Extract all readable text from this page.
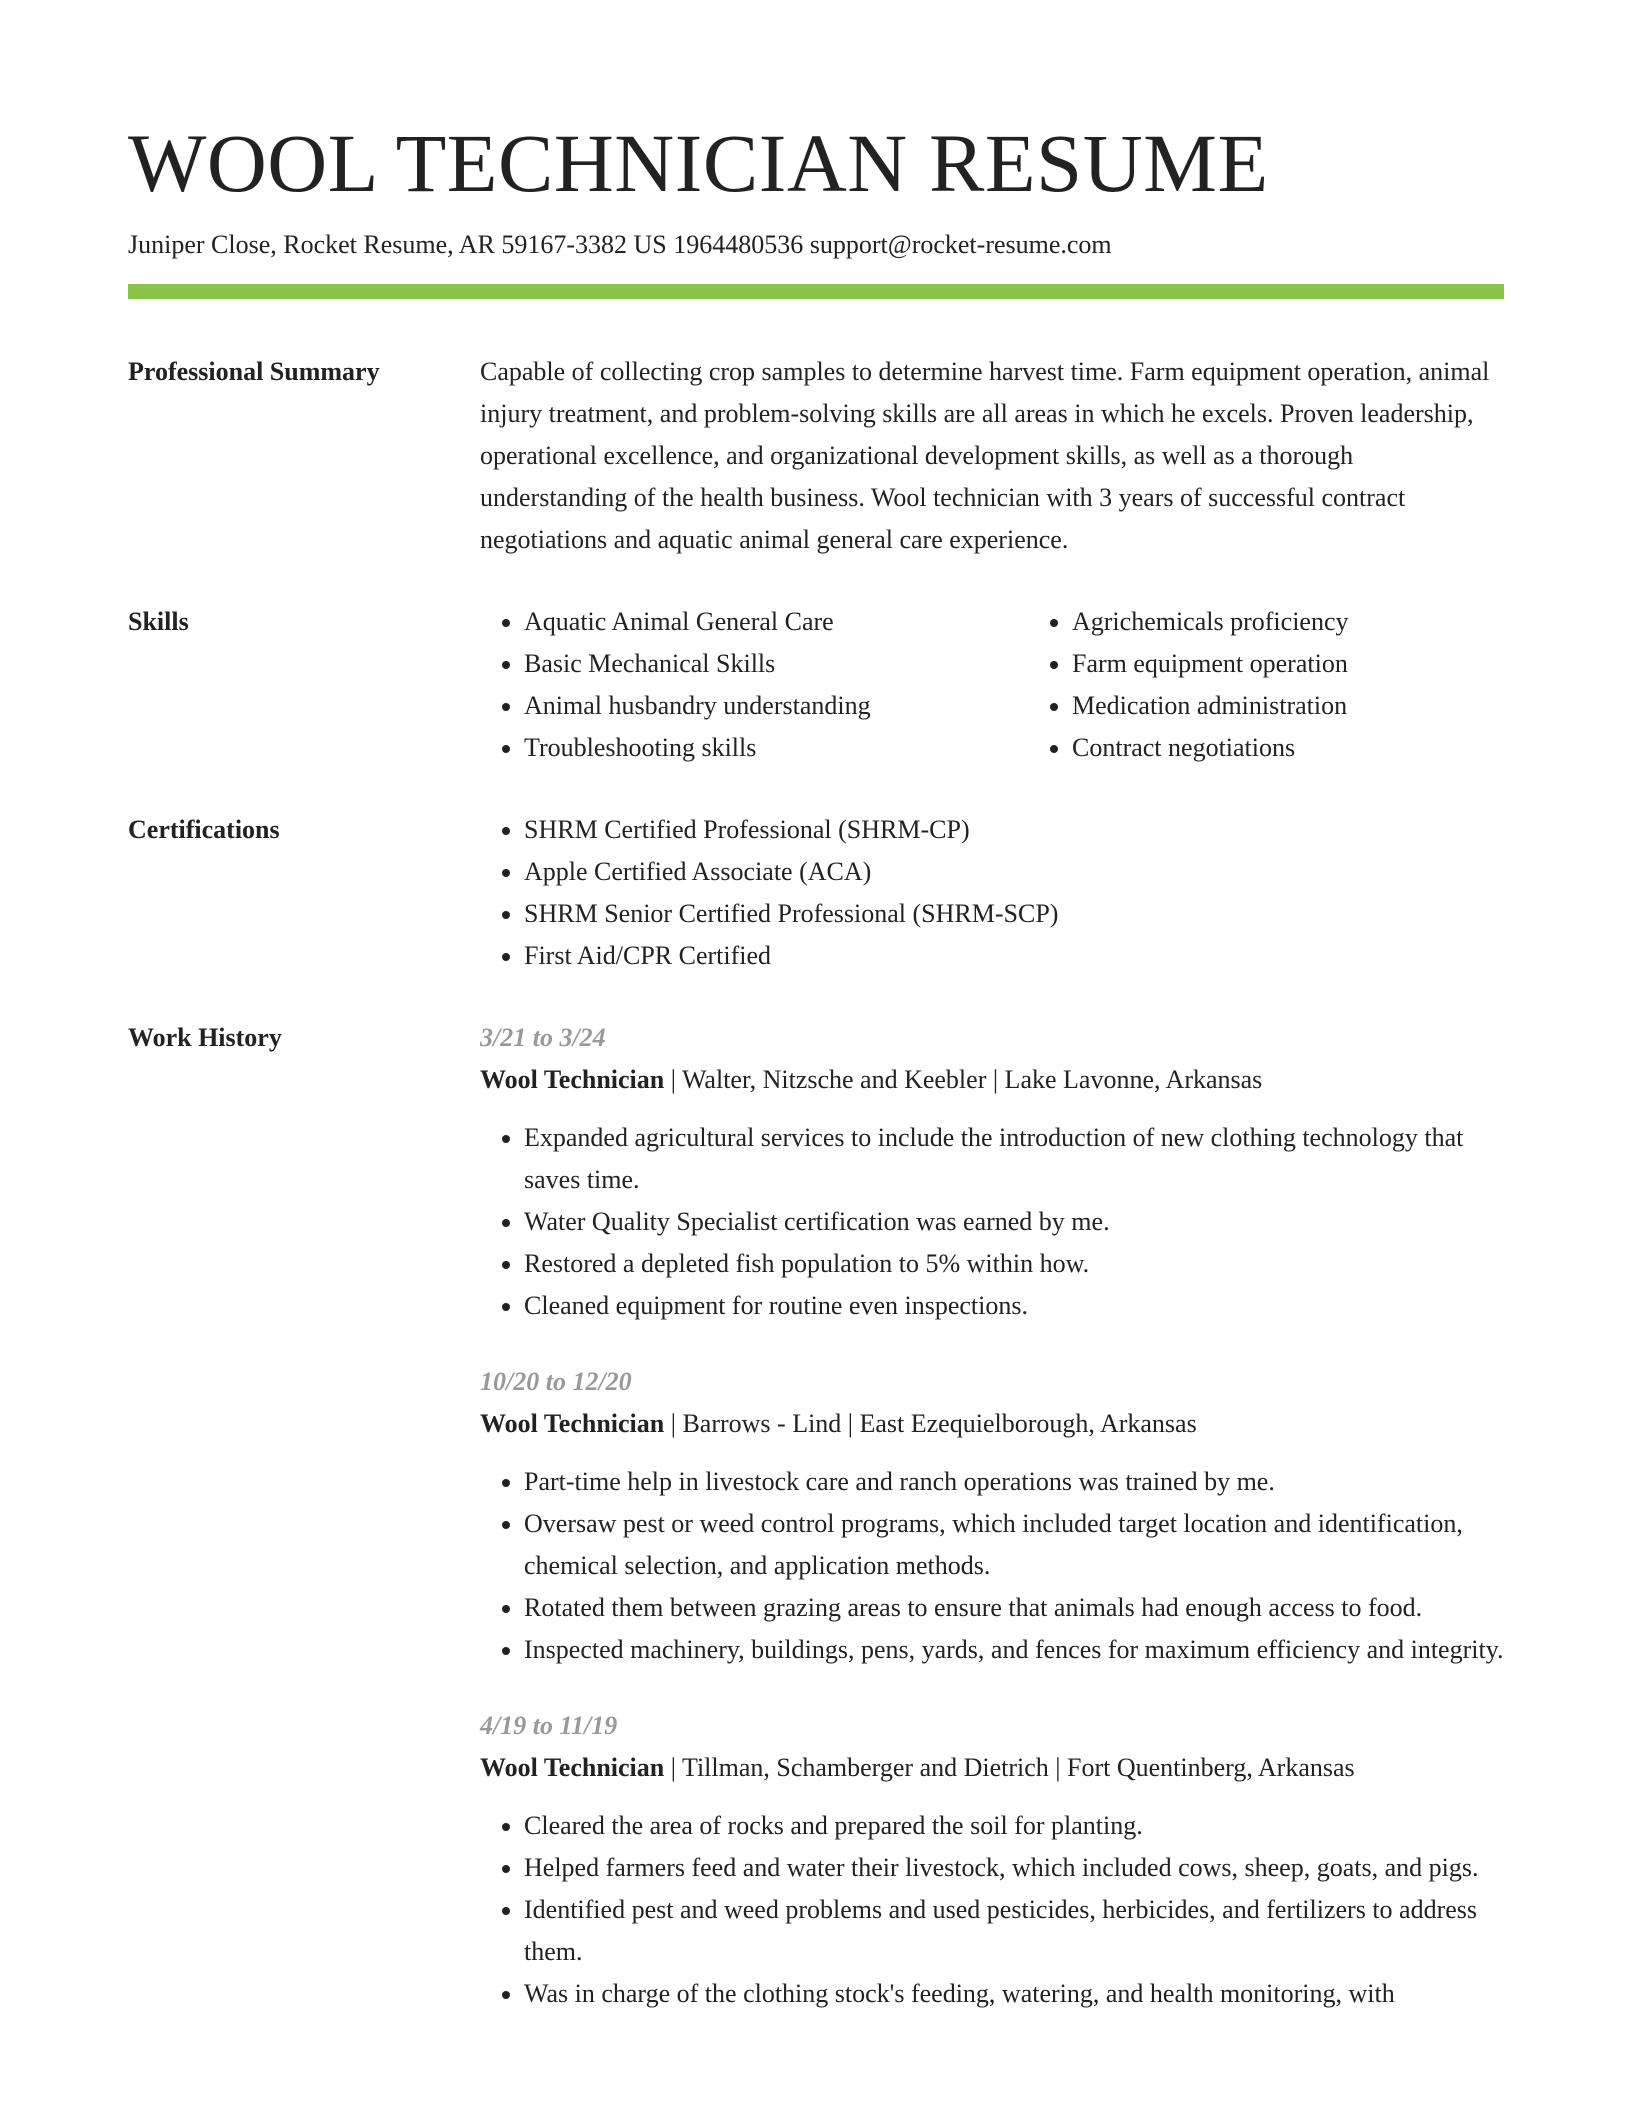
WOOL TECHNICIAN RESUME
Juniper Close, Rocket Resume, AR 59167-3382 US 1964480536 support@rocket-resume.com
Professional Summary	Capable of collecting crop samples to determine harvest time. Farm equipment operation, animal injury treatment, and problem-solving skills are all areas in which he excels. Proven leadership, operational excellence, and organizational development skills, as well as a thorough understanding of the health business. Wool technician with 3 years of successful contract negotiations and aquatic animal general care experience.

Skills	• Aquatic Animal General Care
• Basic Mechanical Skills
• Animal husbandry understanding
• Troubleshooting skills
• Agrichemicals proficiency
• Farm equipment operation
• Medication administration
• Contract negotiations
Certifications	• SHRM Certified Professional (SHRM-CP)
• Apple Certified Associate (ACA)
• SHRM Senior Certified Professional (SHRM-SCP)
• First Aid/CPR Certified
Work History	3/21 to 3/24
Wool Technician | Walter, Nitzsche and Keebler | Lake Lavonne, Arkansas
• Expanded agricultural services to include the introduction of new clothing technology that saves time.
• Water Quality Specialist certification was earned by me.
• Restored a depleted fish population to 5% within how.
• Cleaned equipment for routine even inspections.
10/20 to 12/20
Wool Technician | Barrows - Lind | East Ezequielborough, Arkansas
• Part-time help in livestock care and ranch operations was trained by me.
• Oversaw pest or weed control programs, which included target location and identification, chemical selection, and application methods.
• Rotated them between grazing areas to ensure that animals had enough access to food.
• Inspected machinery, buildings, pens, yards, and fences for maximum efficiency and integrity.
4/19 to 11/19
Wool Technician | Tillman, Schamberger and Dietrich | Fort Quentinberg, Arkansas
• Cleared the area of rocks and prepared the soil for planting.
• Helped farmers feed and water their livestock, which included cows, sheep, goats, and pigs.
• Identified pest and weed problems and used pesticides, herbicides, and fertilizers to address them.
• Was in charge of the clothing stock's feeding, watering, and health monitoring, with
